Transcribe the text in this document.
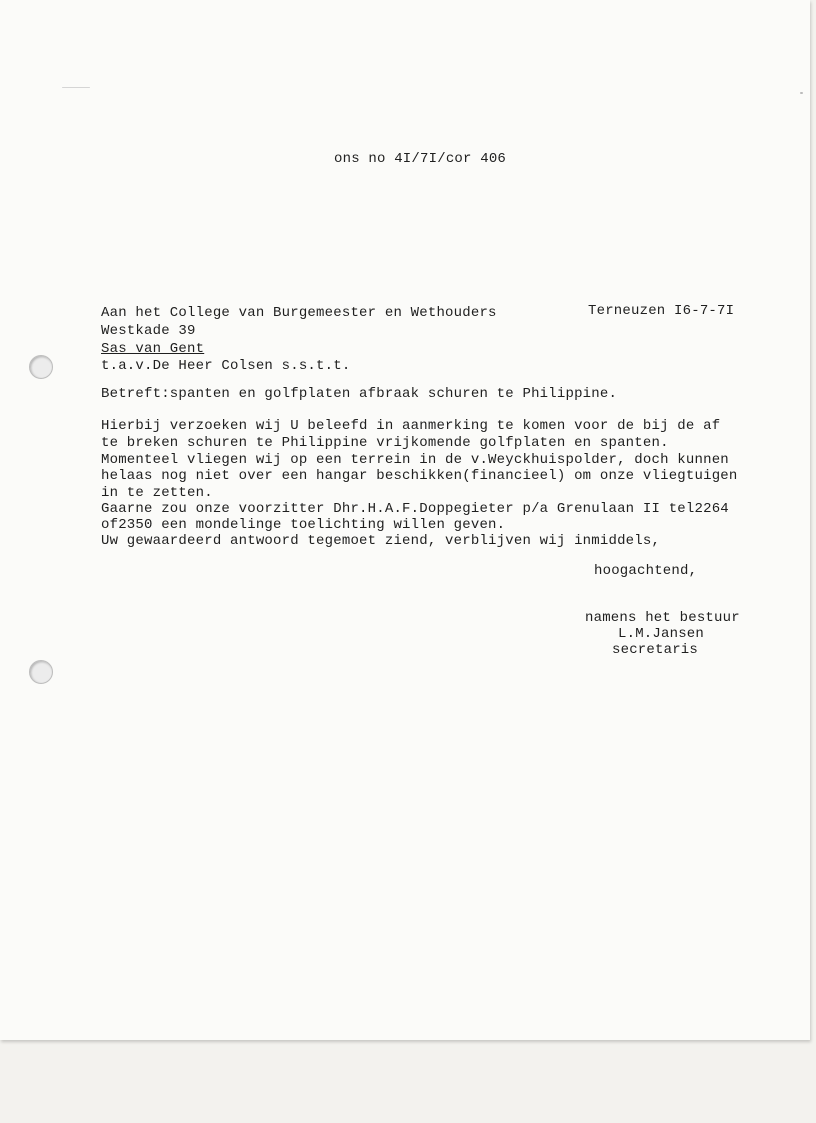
ons no 4I/7I/cor 406
Aan het College van Burgemeester en Wethouders	Terneuzen I6-7-7I
Westkade 39
Sas van Gent
t.a.v.De Heer Colsen s.s.t.t.
Betreft:spanten en golfplaten afbraak schuren te Philippine.
Hierbij verzoeken wij U beleefd in aanmerking te komen voor de bij de af
te breken schuren te Philippine vrijkomende golfplaten en spanten.
Momenteel vliegen wij op een terrein in de v.Weyckhuispolder, doch kunnen
helaas nog niet over een hangar beschikken(financieel) om onze vliegtuigen
in te zetten.
Gaarne zou onze voorzitter Dhr.H.A.F.Doppegieter p/a Grenulaan II tel2264
of2350 een mondelinge toelichting willen geven.
Uw gewaardeerd antwoord tegemoet ziend, verblijven wij inmiddels,
hoogachtend,
namens het bestuur
L.M.Jansen
secretaris
